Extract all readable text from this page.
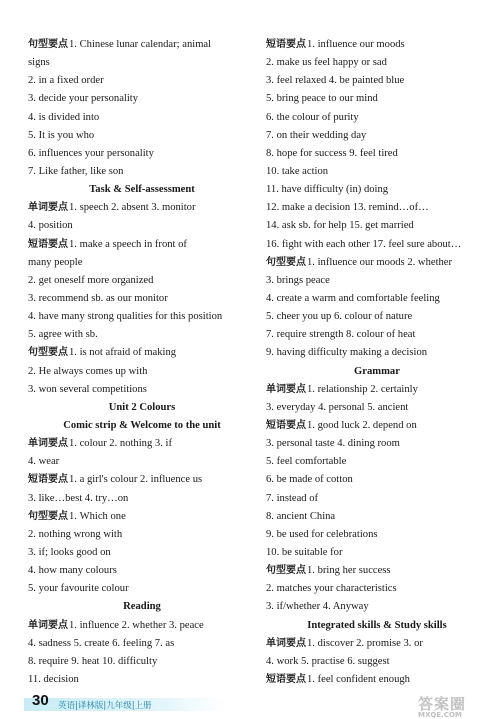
句型要点1. Chinese lunar calendar; animal
signs
2. in a fixed order
3. decide your personality
4. is divided into
5. It is you who
6. influences your personality
7. Like father, like son
Task & Self-assessment
单词要点1. speech 2. absent 3. monitor
4. position
短语要点1. make a speech in front of
many people
2. get oneself more organized
3. recommend sb. as our monitor
4. have many strong qualities for this position
5. agree with sb.
句型要点1. is not afraid of making
2. He always comes up with
3. won several competitions
Unit 2 Colours
Comic strip & Welcome to the unit
单词要点1. colour 2. nothing 3. if
4. wear
短语要点1. a girl's colour 2. influence us
3. like…best 4. try…on
句型要点1. Which one
2. nothing wrong with
3. if; looks good on
4. how many colours
5. your favourite colour
Reading
单词要点1. influence 2. whether 3. peace
4. sadness 5. create 6. feeling 7. as
8. require 9. heat 10. difficulty
11. decision
短语要点1. influence our moods
2. make us feel happy or sad
3. feel relaxed 4. be painted blue
5. bring peace to our mind
6. the colour of purity
7. on their wedding day
8. hope for success 9. feel tired
10. take action
11. have difficulty (in) doing
12. make a decision 13. remind…of…
14. ask sb. for help 15. get married
16. fight with each other 17. feel sure about…
句型要点1. influence our moods 2. whether
3. brings peace
4. create a warm and comfortable feeling
5. cheer you up 6. colour of nature
7. require strength 8. colour of heat
9. having difficulty making a decision
Grammar
单词要点1. relationship 2. certainly
3. everyday 4. personal 5. ancient
短语要点1. good luck 2. depend on
3. personal taste 4. dining room
5. feel comfortable
6. be made of cotton
7. instead of
8. ancient China
9. be used for celebrations
10. be suitable for
句型要点1. bring her success
2. matches your characteristics
3. if/whether 4. Anyway
Integrated skills & Study skills
单词要点1. discover 2. promise 3. or
4. work 5. practise 6. suggest
短语要点1. feel confident enough
30 英语|译林版|九年级|上册	答案圈
MXQE.COM
